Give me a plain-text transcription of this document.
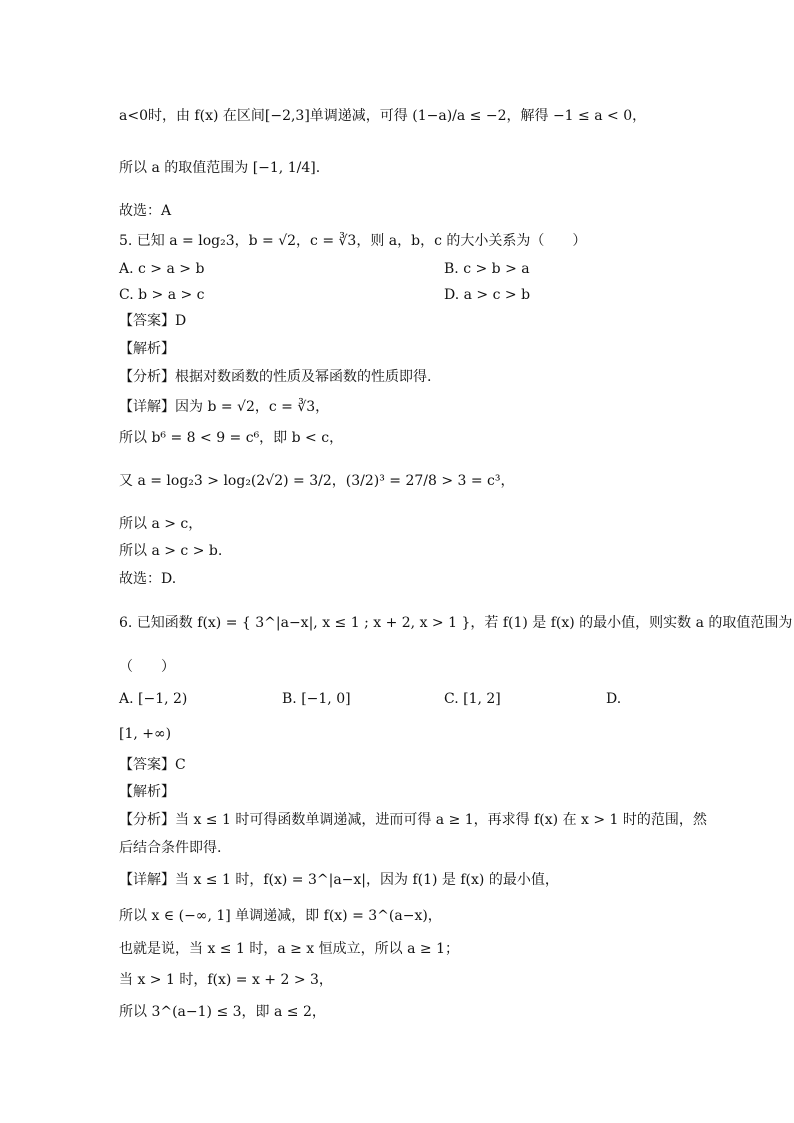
a<0时，由 f(x) 在区间[−2,3]单调递减，可得 (1−a)/a ≤ −2，解得 −1 ≤ a < 0，
所以 a 的取值范围为 [−1, 1/4].
故选：A
5. 已知 a = log₂3，b = √2，c = ∛3，则 a，b，c 的大小关系为（　　）
A. c > a > b	B. c > b > a
C. b > a > c	D. a > c > b
【答案】D
【解析】
【分析】根据对数函数的性质及幂函数的性质即得.
【详解】因为 b = √2，c = ∛3，
所以 b⁶ = 8 < 9 = c⁶，即 b < c，
又 a = log₂3 > log₂(2√2) = 3/2，(3/2)³ = 27/8 > 3 = c³，
所以 a > c，
所以 a > c > b.
故选：D.
6. 已知函数 f(x) = { 3^|a−x|, x ≤ 1 ; x + 2, x > 1 }，若 f(1) 是 f(x) 的最小值，则实数 a 的取值范围为
（　　）
A. [−1, 2)	B. [−1, 0]	C. [1, 2]	D.
[1, +∞)
【答案】C
【解析】
【分析】当 x ≤ 1 时可得函数单调递减，进而可得 a ≥ 1，再求得 f(x) 在 x > 1 时的范围，然
后结合条件即得.
【详解】当 x ≤ 1 时，f(x) = 3^|a−x|，因为 f(1) 是 f(x) 的最小值，
所以 x ∈ (−∞, 1] 单调递减，即 f(x) = 3^(a−x)，
也就是说，当 x ≤ 1 时，a ≥ x 恒成立，所以 a ≥ 1；
当 x > 1 时，f(x) = x + 2 > 3，
所以 3^(a−1) ≤ 3，即 a ≤ 2，
